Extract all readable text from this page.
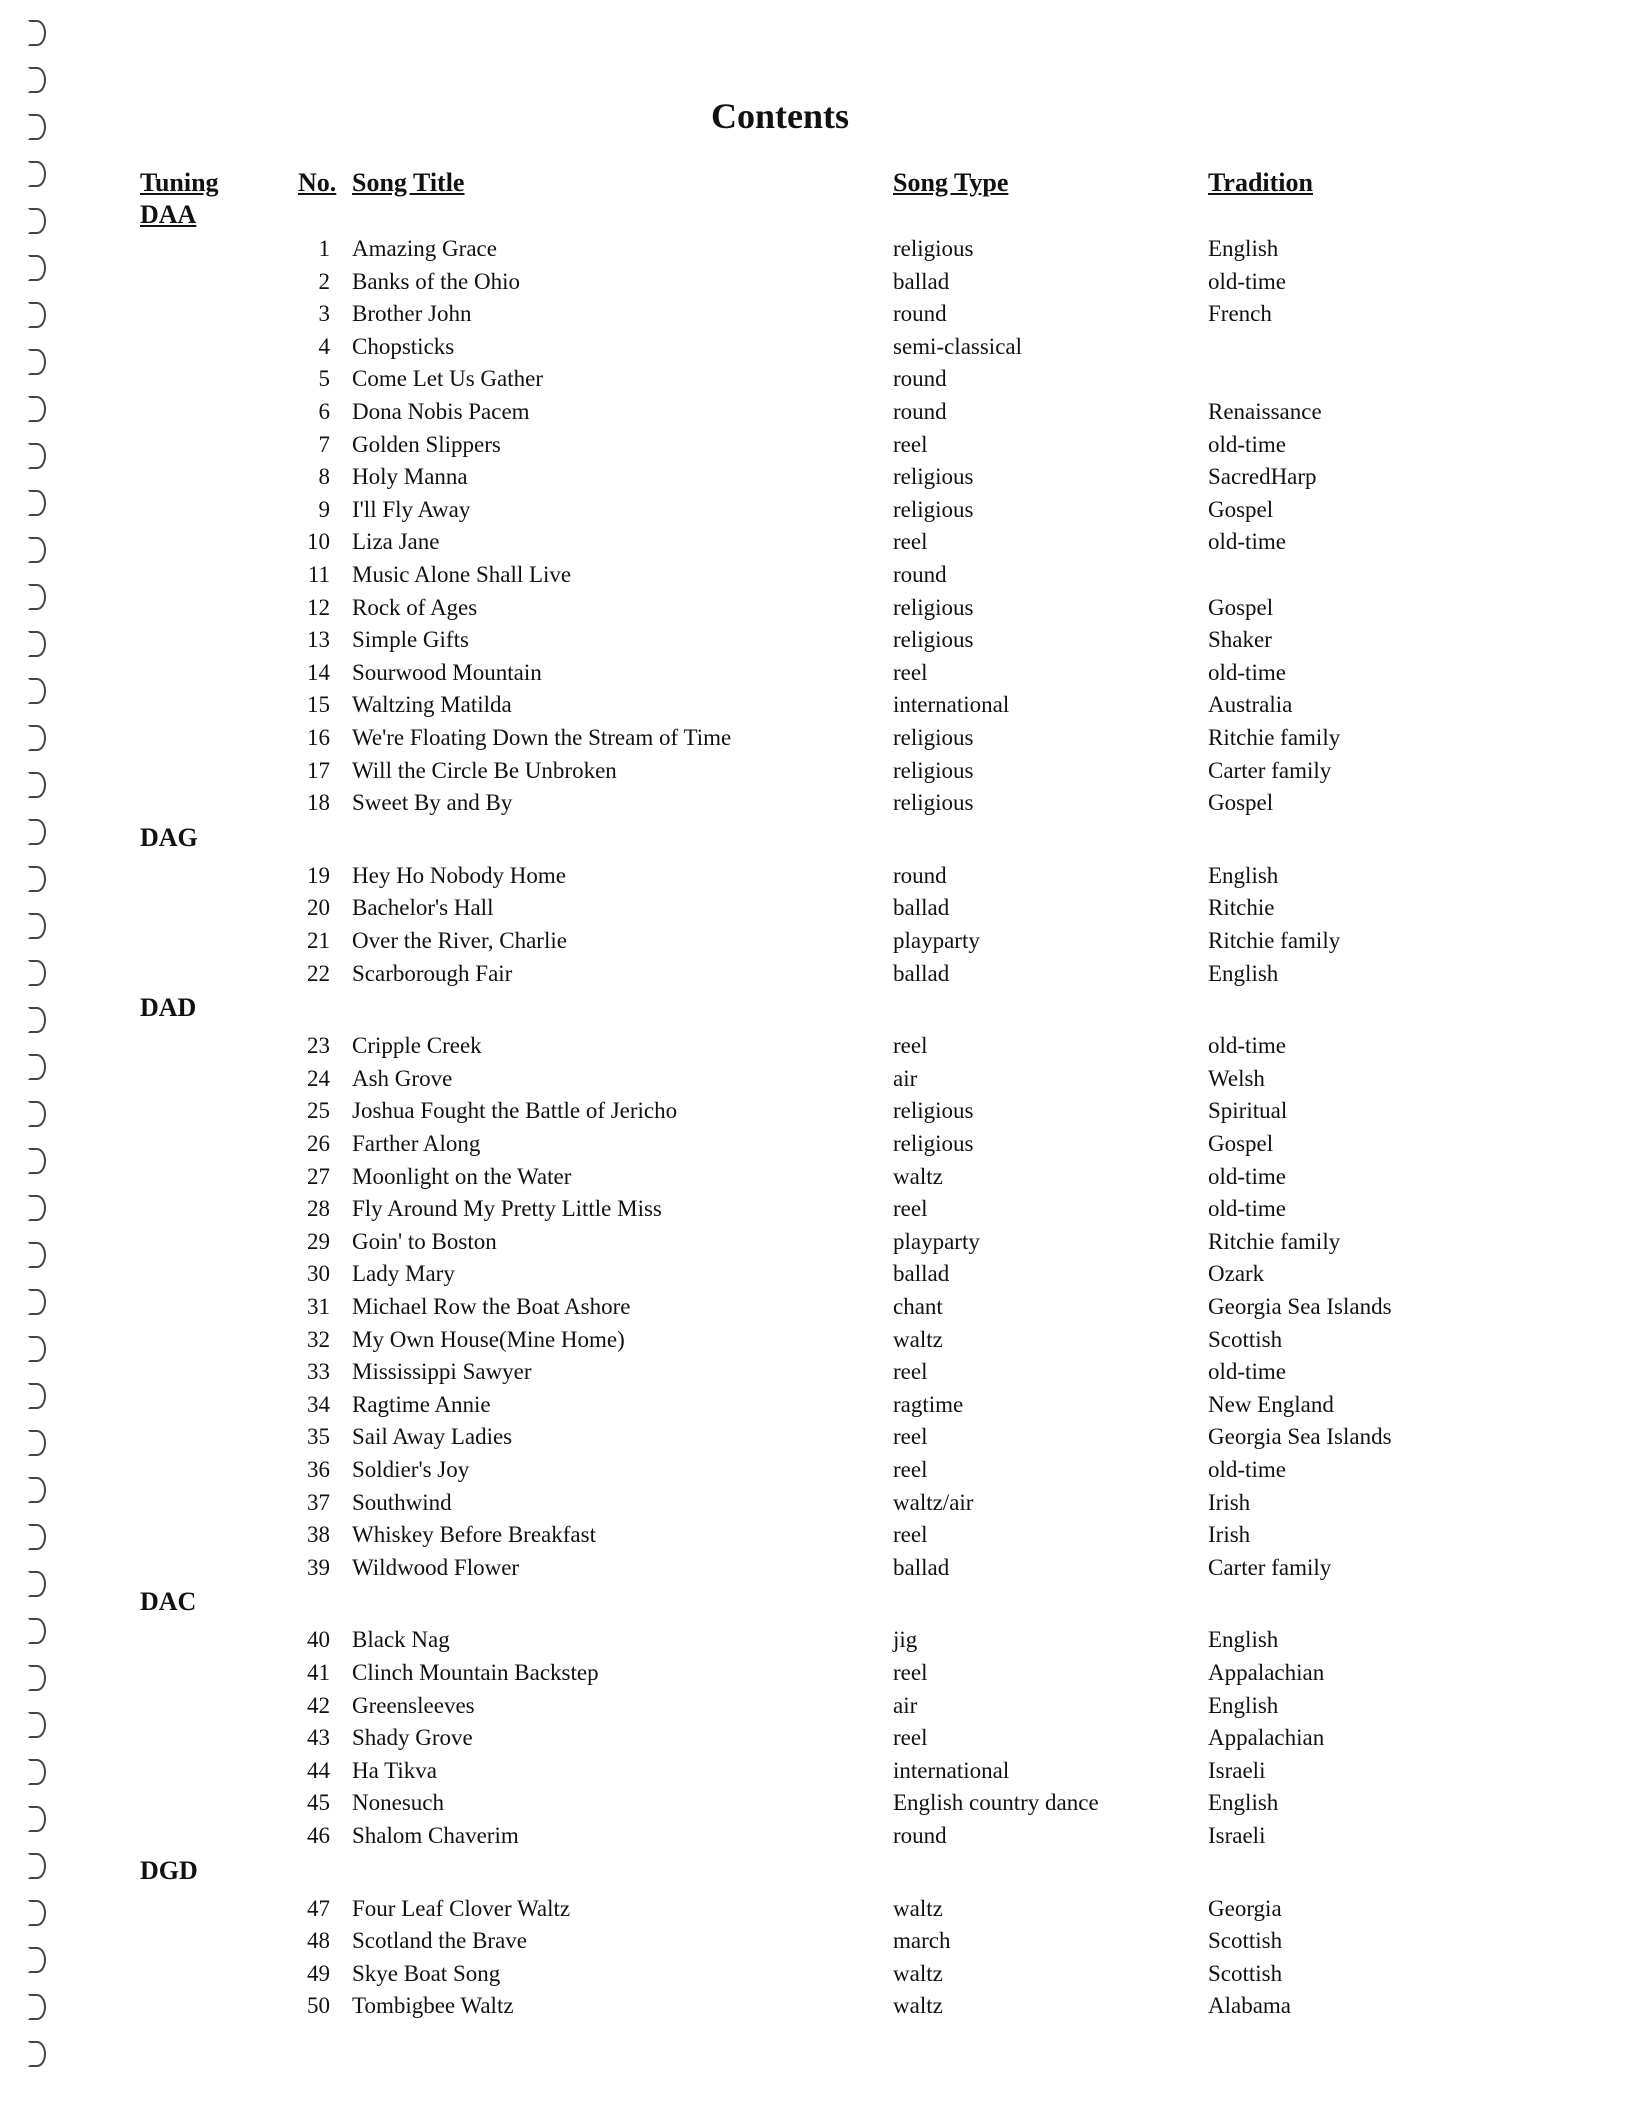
Contents
Tuning	No. Song Title	Song Type	Tradition
DAA
1 Amazing Grace	religious	English
2 Banks of the Ohio	ballad	old-time
3 Brother John	round	French
4 Chopsticks	semi-classical
5 Come Let Us Gather	round
6 Dona Nobis Pacem	round	Renaissance
7 Golden Slippers	reel	old-time
8 Holy Manna	religious	SacredHarp
9 I'll Fly Away	religious	Gospel
10 Liza Jane	reel	old-time
11 Music Alone Shall Live	round
12 Rock of Ages	religious	Gospel
13 Simple Gifts	religious	Shaker
14 Sourwood Mountain	reel	old-time
15 Waltzing Matilda	international	Australia
16 We're Floating Down the Stream of Time	religious	Ritchie family
17 Will the Circle Be Unbroken	religious	Carter family
18 Sweet By and By	religious	Gospel
DAG
19 Hey Ho Nobody Home	round	English
20 Bachelor's Hall	ballad	Ritchie
21 Over the River, Charlie	playparty	Ritchie family
22 Scarborough Fair	ballad	English
DAD
23 Cripple Creek	reel	old-time
24 Ash Grove	air	Welsh
25 Joshua Fought the Battle of Jericho	religious	Spiritual
26 Farther Along	religious	Gospel
27 Moonlight on the Water	waltz	old-time
28 Fly Around My Pretty Little Miss	reel	old-time
29 Goin' to Boston	playparty	Ritchie family
30 Lady Mary	ballad	Ozark
31 Michael Row the Boat Ashore	chant	Georgia Sea Islands
32 My Own House(Mine Home)	waltz	Scottish
33 Mississippi Sawyer	reel	old-time
34 Ragtime Annie	ragtime	New England
35 Sail Away Ladies	reel	Georgia Sea Islands
36 Soldier's Joy	reel	old-time
37 Southwind	waltz/air	Irish
38 Whiskey Before Breakfast	reel	Irish
39 Wildwood Flower	ballad	Carter family
DAC
40 Black Nag	jig	English
41 Clinch Mountain Backstep	reel	Appalachian
42 Greensleeves	air	English
43 Shady Grove	reel	Appalachian
44 Ha Tikva	international	Israeli
45 Nonesuch	English country dance	English
46 Shalom Chaverim	round	Israeli
DGD
47 Four Leaf Clover Waltz	waltz	Georgia
48 Scotland the Brave	march	Scottish
49 Skye Boat Song	waltz	Scottish
50 Tombigbee Waltz	waltz	Alabama
